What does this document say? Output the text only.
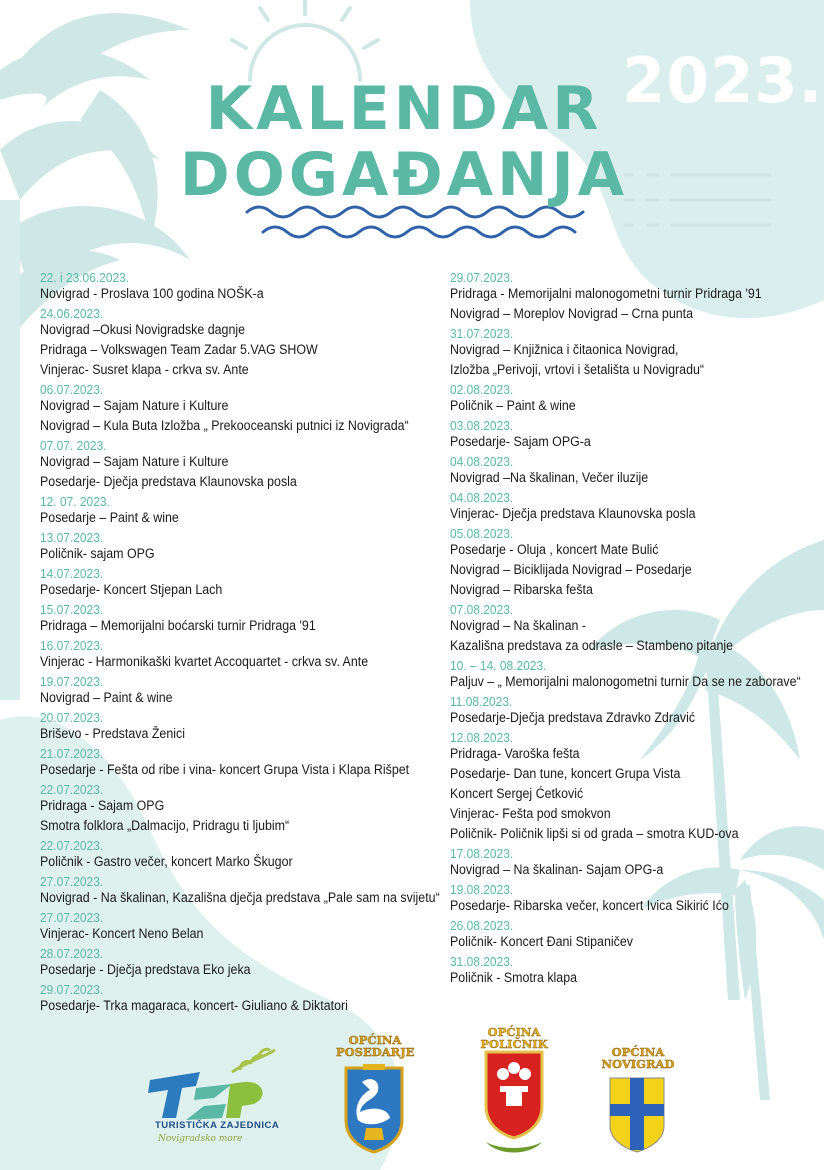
2023.
KALENDAR
DOGAĐANJA
22. i 23.06.2023.
Novigrad - Proslava 100 godina NOŠK-a
24.06.2023.
Novigrad –Okusi Novigradske dagnje
Pridraga – Volkswagen Team Zadar 5.VAG SHOW
Vinjerac- Susret klapa - crkva sv. Ante
06.07.2023.
Novigrad – Sajam Nature i Kulture
Novigrad – Kula Buta Izložba „ Prekooceanski putnici iz Novigrada“
07.07. 2023.
Novigrad – Sajam Nature i Kulture
Posedarje- Dječja predstava Klaunovska posla
12. 07. 2023.
Posedarje – Paint & wine
13.07.2023.
Poličnik- sajam OPG
14.07.2023.
Posedarje- Koncert Stjepan Lach
15.07.2023.
Pridraga – Memorijalni boćarski turnir Pridraga '91
16.07.2023.
Vinjerac - Harmonikaški kvartet Accoquartet - crkva sv. Ante
19.07.2023.
Novigrad – Paint & wine
20.07.2023.
Briševo - Predstava Ženici
21.07.2023.
Posedarje - Fešta od ribe i vina- koncert Grupa Vista i Klapa Rišpet
22.07.2023.
Pridraga - Sajam OPG
Smotra folklora „Dalmacijo, Pridragu ti ljubim“
22.07.2023.
Poličnik - Gastro večer, koncert Marko Škugor
27.07.2023.
Novigrad - Na škalinan, Kazališna dječja predstava „Pale sam na svijetu“
27.07.2023.
Vinjerac- Koncert Neno Belan
28.07.2023.
Posedarje - Dječja predstava Eko jeka
29.07.2023.
Posedarje- Trka magaraca, koncert- Giuliano & Diktatori
29.07.2023.
Pridraga - Memorijalni malonogometni turnir Pridraga '91
Novigrad – Moreplov Novigrad – Crna punta
31.07.2023.
Novigrad – Knjižnica i čitaonica Novigrad,
Izložba „Perivoji, vrtovi i šetališta u Novigradu“
02.08.2023.
Poličnik – Paint & wine
03.08.2023.
Posedarje- Sajam OPG-a
04.08.2023.
Novigrad –Na škalinan, Večer iluzije
04.08.2023.
Vinjerac- Dječja predstava Klaunovska posla
05.08.2023.
Posedarje - Oluja , koncert Mate Bulić
Novigrad – Biciklijada Novigrad – Posedarje
Novigrad – Ribarska fešta
07.08.2023.
Novigrad – Na škalinan -
Kazališna predstava za odrasle – Stambeno pitanje
10. – 14. 08.2023.
Paljuv – „ Memorijalni malonogometni turnir Da se ne zaborave“
11.08.2023.
Posedarje-Dječja predstava Zdravko Zdravić
12.08.2023.
Pridraga- Varoška fešta
Posedarje- Dan tune, koncert Grupa Vista
Koncert Sergej Ćetković
Vinjerac- Fešta pod smokvon
Poličnik- Poličnik lipši si od grada – smotra KUD-ova
17.08.2023.
Novigrad – Na škalinan- Sajam OPG-a
19.08.2023.
Posedarje- Ribarska večer, koncert Ivica Sikirić Ićo
26.08.2023.
Poličnik- Koncert Đani Stipaničev
31.08.2023.
Poličnik - Smotra klapa
TURISTIČKA ZAJEDNICA
Novigradsko more
OPĆINA
POSEDARJE
OPĆINA
POLIČNIK
OPĆINA
NOVIGRAD
